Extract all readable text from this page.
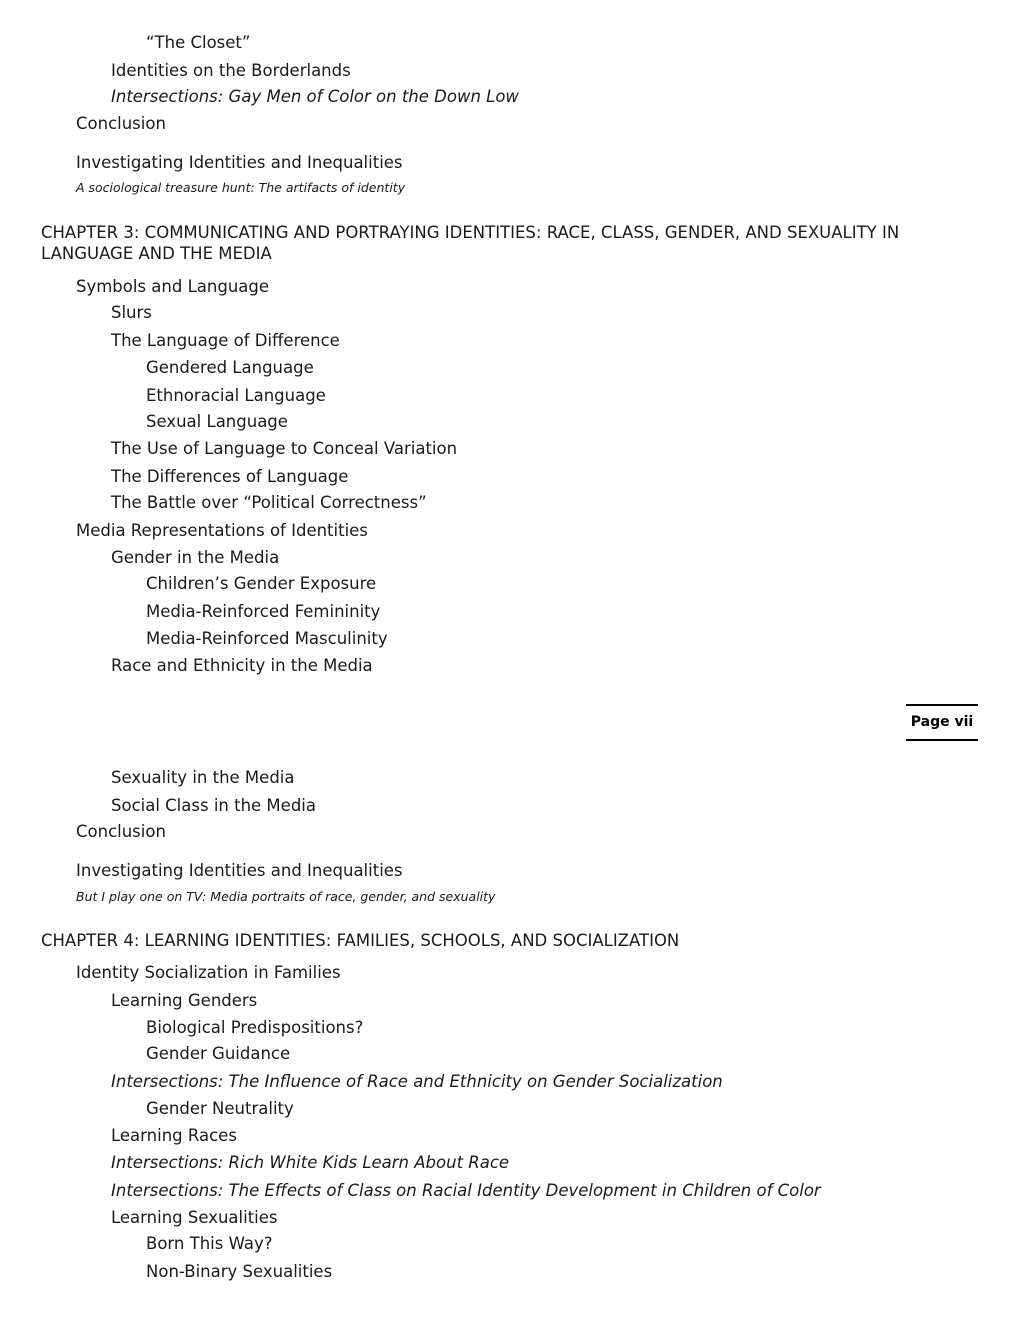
“The Closet”
Identities on the Borderlands
Intersections: Gay Men of Color on the Down Low
Conclusion
Investigating Identities and Inequalities
A sociological treasure hunt: The artifacts of identity
CHAPTER 3: COMMUNICATING AND PORTRAYING IDENTITIES: RACE, CLASS, GENDER, AND SEXUALITY IN LANGUAGE AND THE MEDIA
Symbols and Language
Slurs
The Language of Difference
Gendered Language
Ethnoracial Language
Sexual Language
The Use of Language to Conceal Variation
The Differences of Language
The Battle over “Political Correctness”
Media Representations of Identities
Gender in the Media
Children’s Gender Exposure
Media-Reinforced Femininity
Media-Reinforced Masculinity
Race and Ethnicity in the Media
Page vii
Sexuality in the Media
Social Class in the Media
Conclusion
Investigating Identities and Inequalities
But I play one on TV: Media portraits of race, gender, and sexuality
CHAPTER 4: LEARNING IDENTITIES: FAMILIES, SCHOOLS, AND SOCIALIZATION
Identity Socialization in Families
Learning Genders
Biological Predispositions?
Gender Guidance
Intersections: The Influence of Race and Ethnicity on Gender Socialization
Gender Neutrality
Learning Races
Intersections: Rich White Kids Learn About Race
Intersections: The Effects of Class on Racial Identity Development in Children of Color
Learning Sexualities
Born This Way?
Non-Binary Sexualities
